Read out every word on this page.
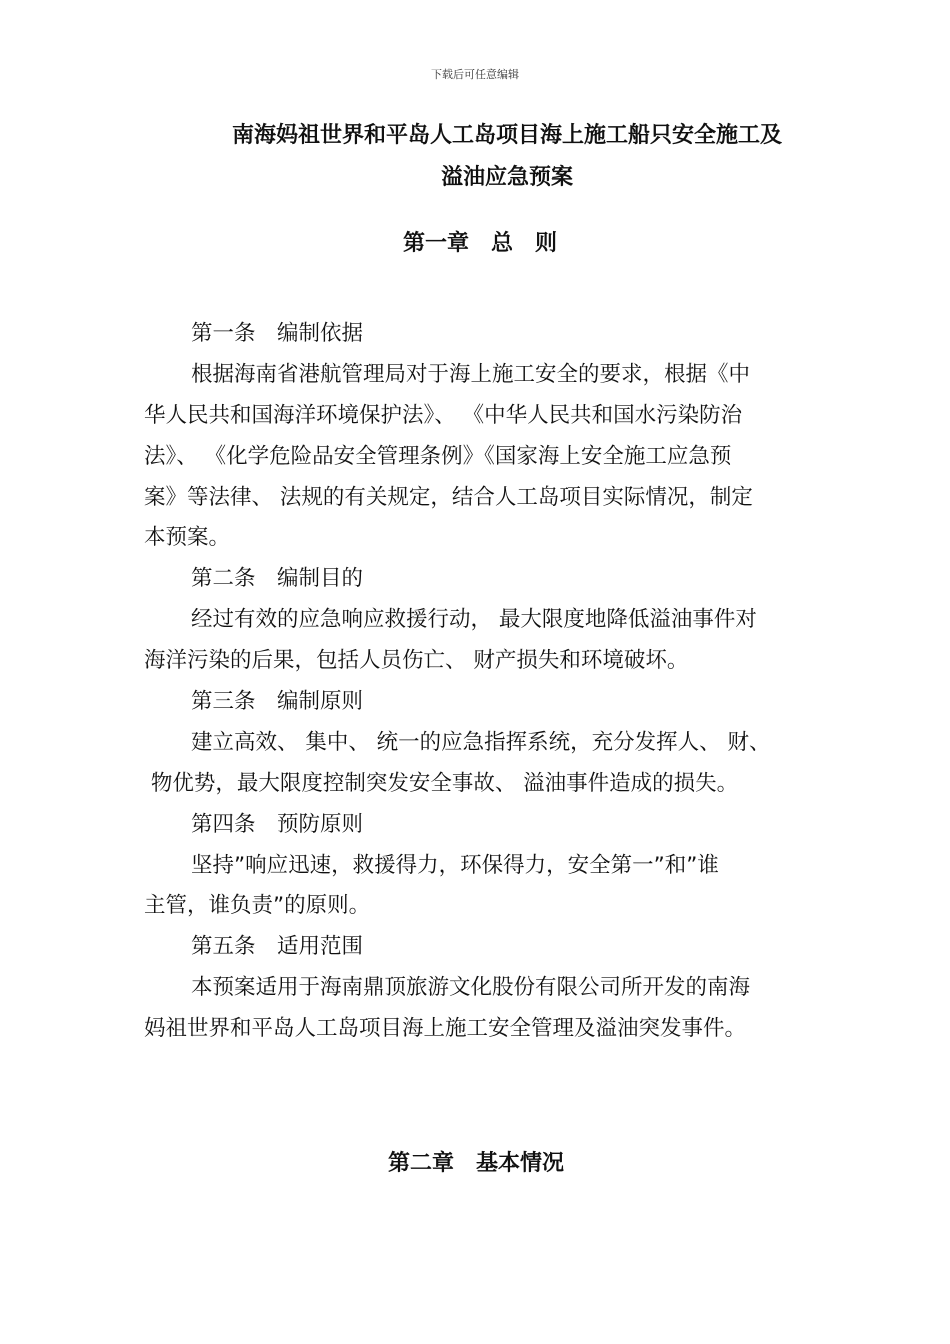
下载后可任意编辑
南海妈祖世界和平岛人工岛项目海上施工船只安全施工及
溢油应急预案
第一章　总　则
第一条　编制依据
根据海南省港航管理局对于海上施工安全的要求，根据《中
华人民共和国海洋环境保护法》、 《中华人民共和国水污染防治
法》、 《化学危险品安全管理条例》《国家海上安全施工应急预
案》等法律、 法规的有关规定，结合人工岛项目实际情况，制定
本预案。
第二条　编制目的
经过有效的应急响应救援行动， 最大限度地降低溢油事件对
海洋污染的后果，包括人员伤亡、 财产损失和环境破坏。
第三条　编制原则
建立高效、 集中、 统一的应急指挥系统，充分发挥人、 财、
物优势，最大限度控制突发安全事故、 溢油事件造成的损失。
第四条　预防原则
坚持”响应迅速，救援得力，环保得力，安全第一”和”谁
主管，谁负责”的原则。
第五条　适用范围
本预案适用于海南鼎顶旅游文化股份有限公司所开发的南海
妈祖世界和平岛人工岛项目海上施工安全管理及溢油突发事件。
第二章　基本情况
